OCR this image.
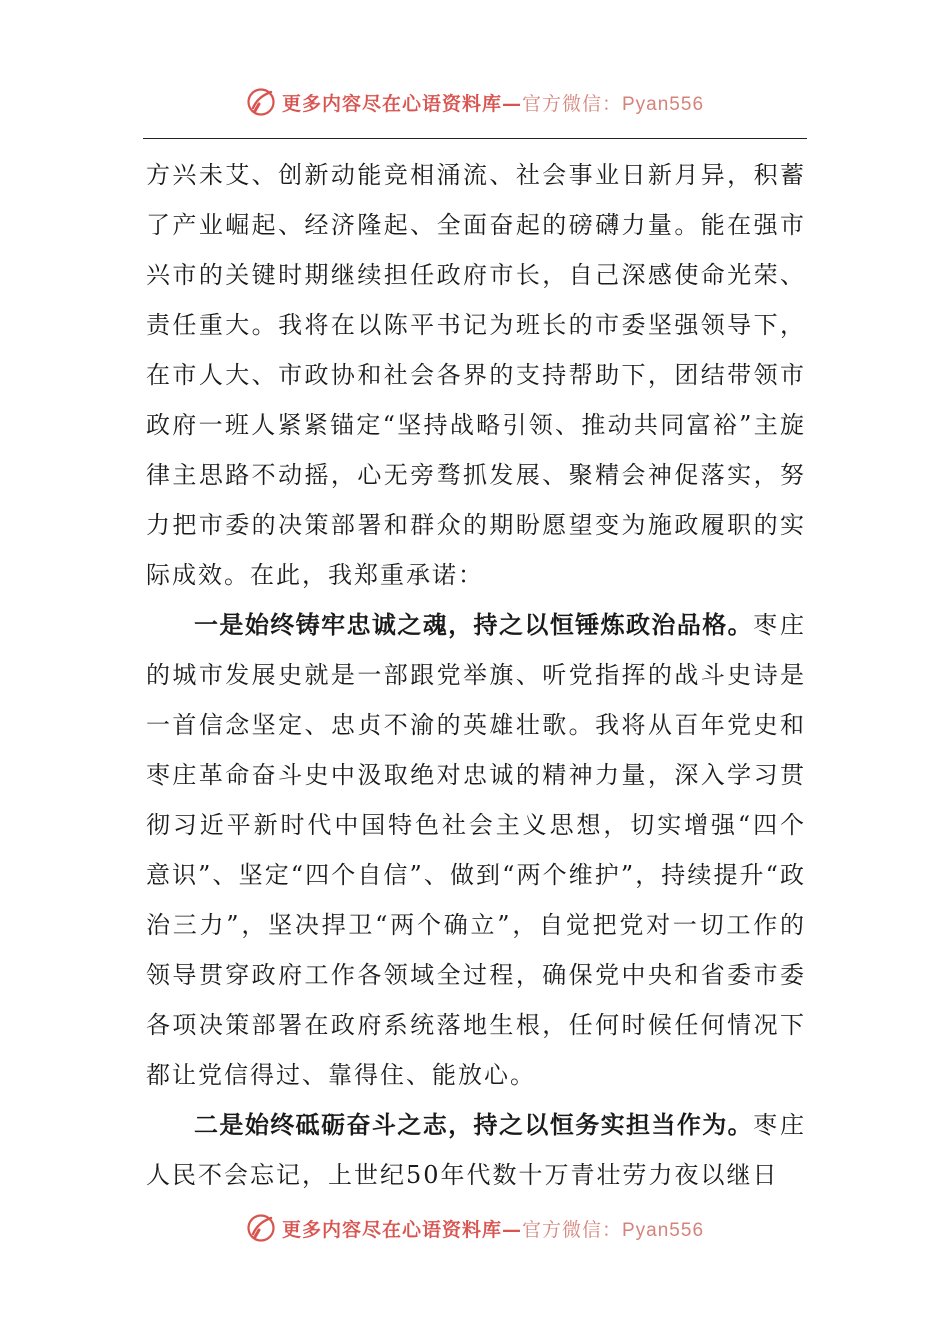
更多内容尽在心语资料库—官方微信：Pyan556

方兴未艾、创新动能竞相涌流、社会事业日新月异，积蓄了产业崛起、经济隆起、全面奋起的磅礴力量。能在强市兴市的关键时期继续担任政府市长，自己深感使命光荣、责任重大。我将在以陈平书记为班长的市委坚强领导下，在市人大、市政协和社会各界的支持帮助下，团结带领市政府一班人紧紧锚定“坚持战略引领、推动共同富裕”主旋律主思路不动摇，心无旁骛抓发展、聚精会神促落实，努力把市委的决策部署和群众的期盼愿望变为施政履职的实际成效。在此，我郑重承诺：

一是始终铸牢忠诚之魂，持之以恒锤炼政治品格。枣庄的城市发展史就是一部跟党举旗、听党指挥的战斗史诗是一首信念坚定、忠贞不渝的英雄壮歌。我将从百年党史和枣庄革命奋斗史中汲取绝对忠诚的精神力量，深入学习贯彻习近平新时代中国特色社会主义思想，切实增强“四个意识”、坚定“四个自信”、做到“两个维护”，持续提升“政治三力”，坚决捍卫“两个确立”，自觉把党对一切工作的领导贯穿政府工作各领域全过程，确保党中央和省委市委各项决策部署在政府系统落地生根，任何时候任何情况下都让党信得过、靠得住、能放心。

二是始终砥砺奋斗之志，持之以恒务实担当作为。枣庄人民不会忘记，上世纪50年代数十万青壮劳力夜以继日

更多内容尽在心语资料库—官方微信：Pyan556
